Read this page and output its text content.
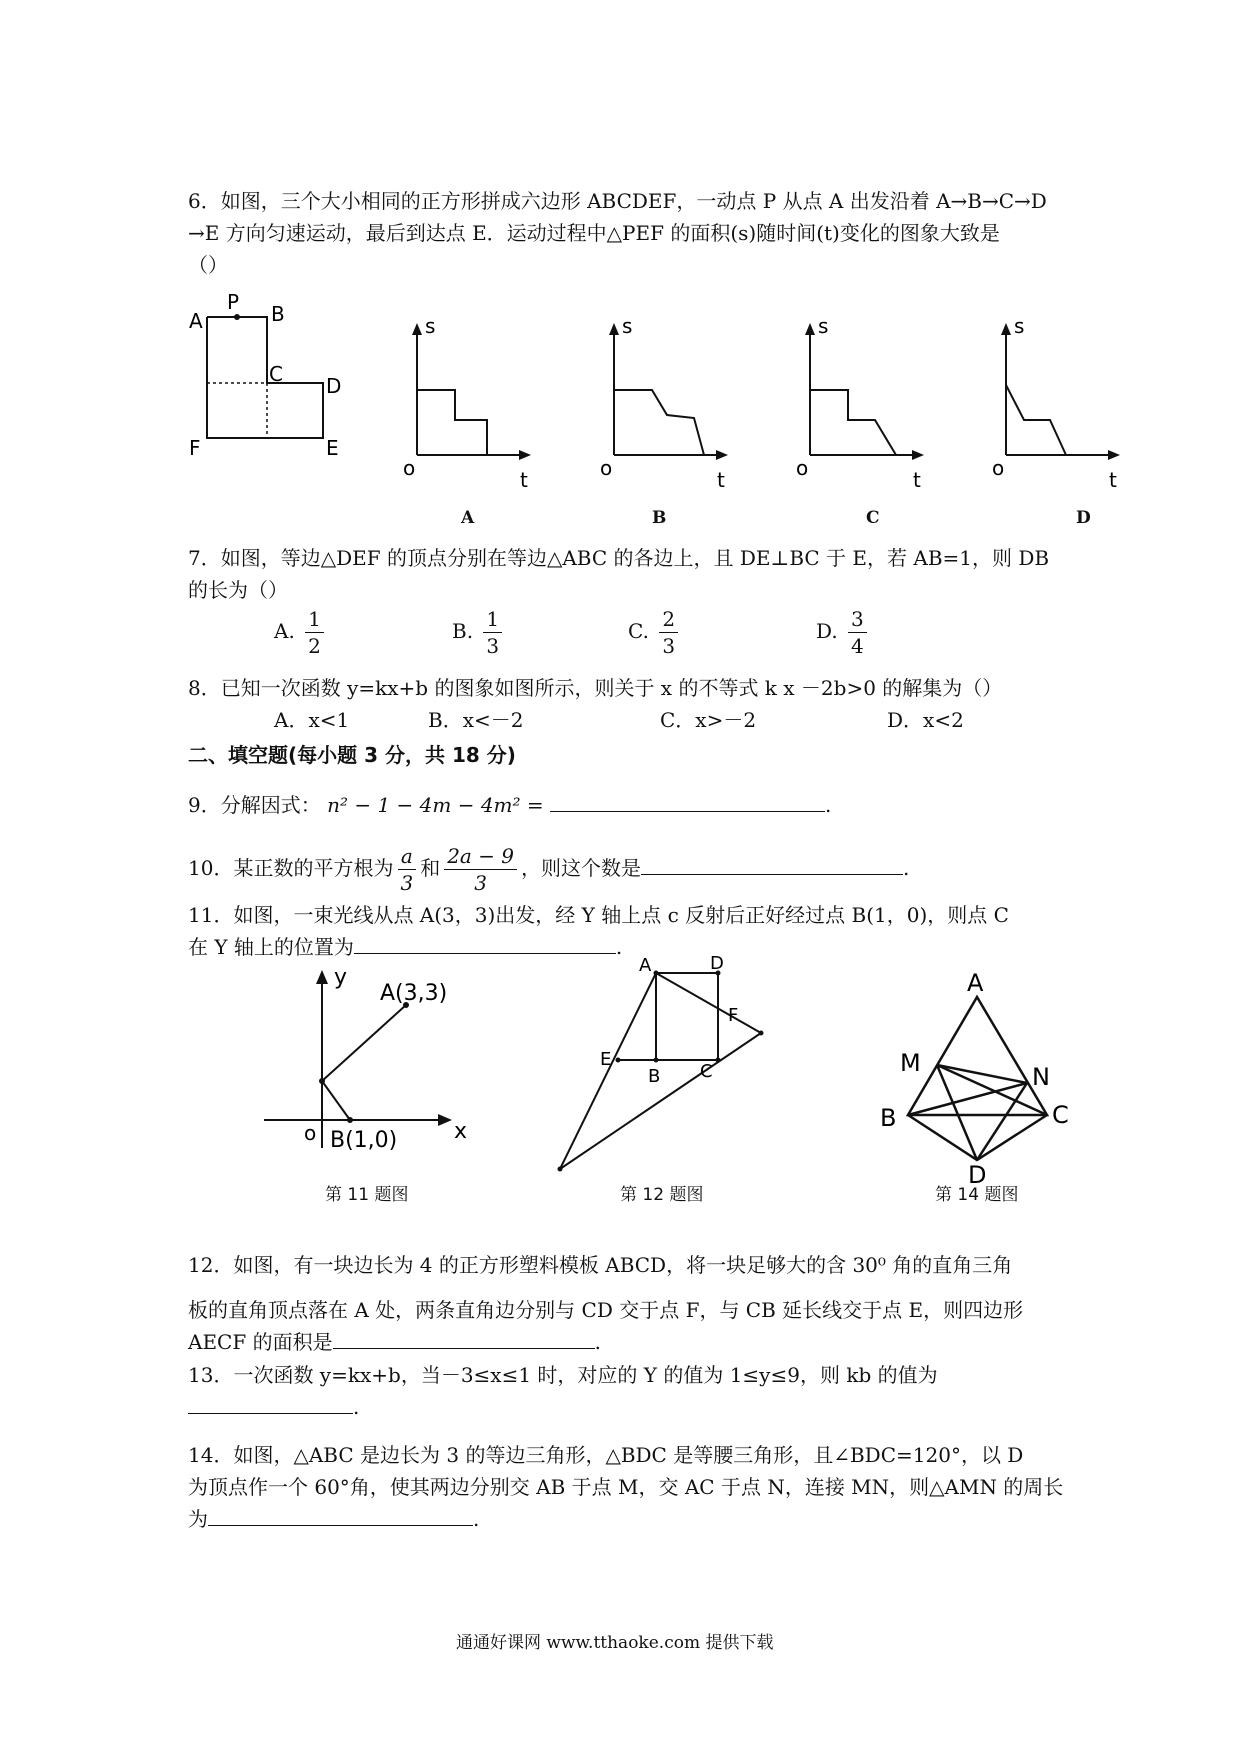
6．如图，三个大小相同的正方形拼成六边形 ABCDEF，一动点 P 从点 A 出发沿着 A→B→C→D
→E 方向匀速运动，最后到达点 E．运动过程中△PEF 的面积(s)随时间(t)变化的图象大致是
（）
A
P B
C D
E
F
s
o	t
s
o	t
s
o	t
s
o	t
A	B	C	D
7．如图，等边△DEF 的顶点分别在等边△ABC 的各边上，且 DE⊥BC 于 E，若 AB=1，则 DB
的长为（）
A. $\frac{1}{2}$	B. $\frac{1}{3}$	C. $\frac{2}{3}$	D. $\frac{3}{4}$
8．已知一次函数 y=kx+b 的图象如图所示，则关于 x 的不等式 k x －2b>0 的解集为（）
A．x<1	B．x<－2	C．x>－2	D．x<2
二、填空题(每小题 3 分，共 18 分)
9．分解因式： n² − 1 − 4m − 4m² =	.
10．某正数的平方根为 $\frac{a}{3}$ 和 $\frac{2a - 9}{3}$ ，则这个数是	.
11．如图，一束光线从点 A(3，3)出发，经 Y 轴上点 c 反射后正好经过点 B(1，0)，则点 C
在 Y 轴上的位置为	.
y
x
o
A(3,3)
B(1,0)
第 11 题图
A	D
F
E
B C
第 12 题图
A
M	N
B	C
D
第 14 题图
12．如图，有一块边长为 4 的正方形塑料模板 ABCD，将一块足够大的含 30⁰ 角的直角三角
板的直角顶点落在 A 处，两条直角边分别与 CD 交于点 F，与 CB 延长线交于点 E，则四边形
AECF 的面积是	.
13．一次函数 y=kx+b，当－3≤x≤1 时，对应的 Y 的值为 1≤y≤9，则 kb 的值为
.
14．如图，△ABC 是边长为 3 的等边三角形，△BDC 是等腰三角形，且∠BDC=120°，以 D
为顶点作一个 60°角，使其两边分别交 AB 于点 M，交 AC 于点 N，连接 MN，则△AMN 的周长
为	.
通通好课网 www.tthaoke.com 提供下载
